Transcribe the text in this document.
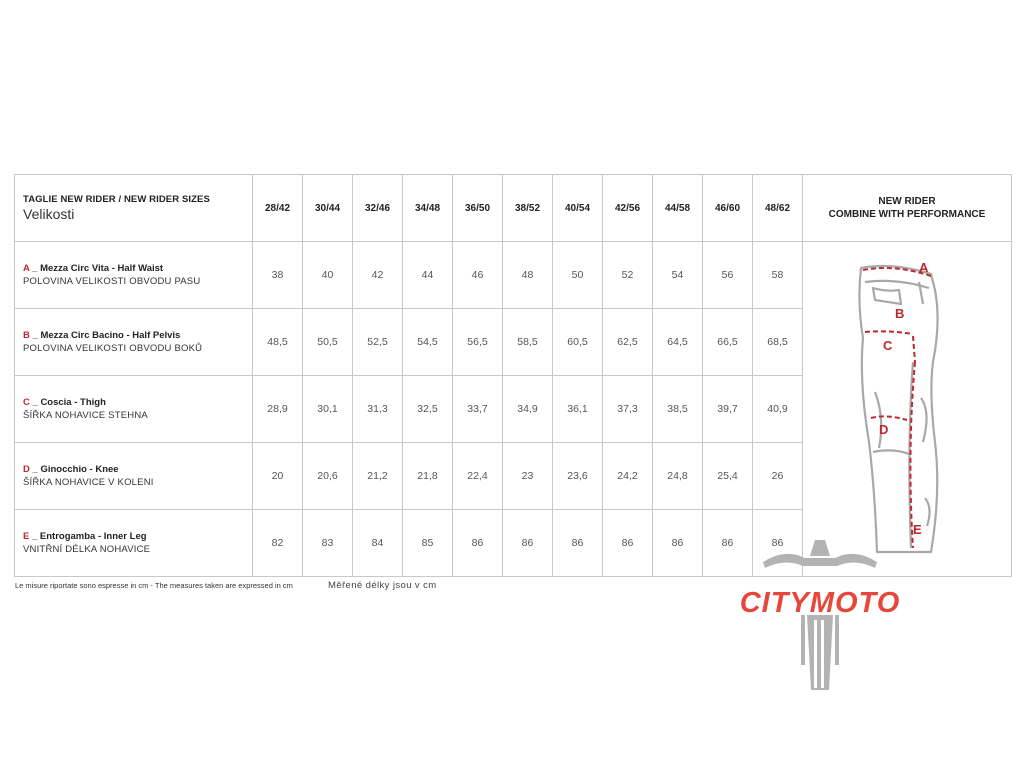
TAGLIE NEW RIDER / NEW RIDER SIZES
Velikosti	28/42	30/44	32/46	34/48	36/50	38/52	40/54	42/56	44/58	46/60	48/62	NEW RIDER
COMBINE WITH PERFORMANCE

A _ Mezza Circ Vita - Half Waist
POLOVINA VELIKOSTI OBVODU PASU	38	40	42	44	46	48	50	52	54	56	58	A
B
C
D
E

B _ Mezza Circ Bacino - Half Pelvis
POLOVINA VELIKOSTI OBVODU BOKŮ	48,5	50,5	52,5	54,5	56,5	58,5	60,5	62,5	64,5	66,5	68,5	

C _ Coscia - Thigh
ŠÍŘKA NOHAVICE STEHNA	28,9	30,1	31,3	32,5	33,7	34,9	36,1	37,3	38,5	39,7	40,9	

D _ Ginocchio - Knee
ŠÍŘKA NOHAVICE V KOLENI	20	20,6	21,2	21,8	22,4	23	23,6	24,2	24,8	25,4	26	

E _ Entrogamba - Inner Leg
VNITŘNÍ DÉLKA NOHAVICE	82	83	84	85	86	86	86	86	86	86	86	
Le misure riportate sono espresse in cm - The measures taken are expressed in cm	Měřené délky jsou v cm
CITYMOTO
